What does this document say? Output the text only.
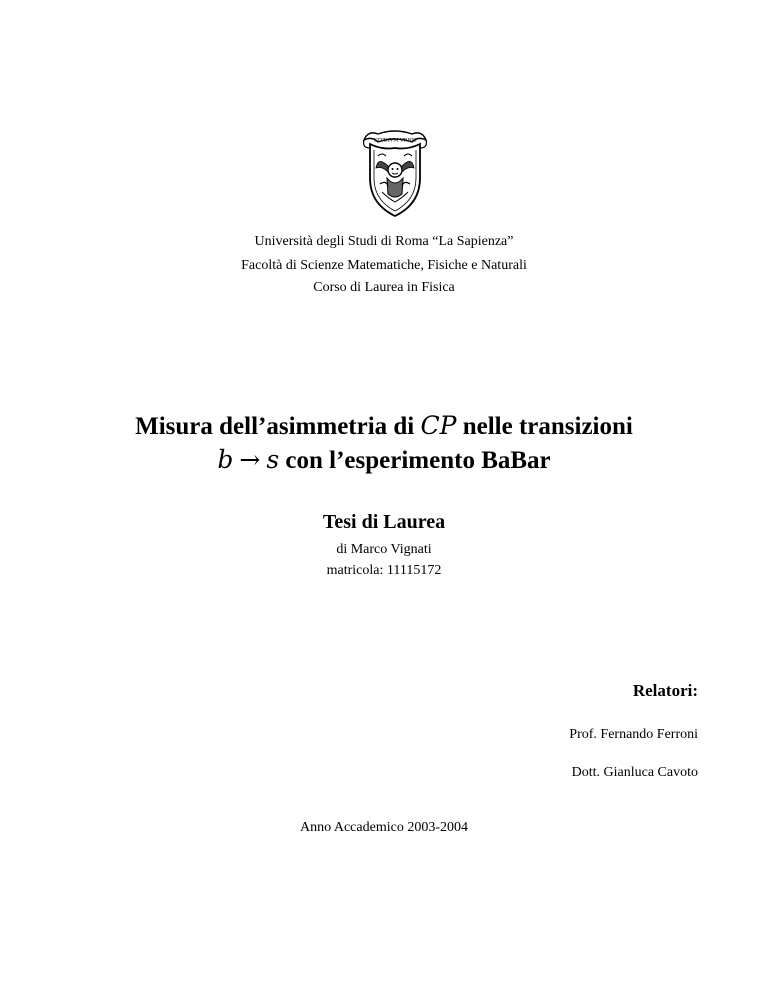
STVDIVM VRBIS
Università degli Studi di Roma “La Sapienza”
Facoltà di Scienze Matematiche, Fisiche e Naturali
Corso di Laurea in Fisica
Misura dell’asimmetria di CP nelle transizioni
b → s con l’esperimento BaBar
Tesi di Laurea
di Marco Vignati
matricola: 11115172
Relatori:
Prof. Fernando Ferroni
Dott. Gianluca Cavoto
Anno Accademico 2003-2004
